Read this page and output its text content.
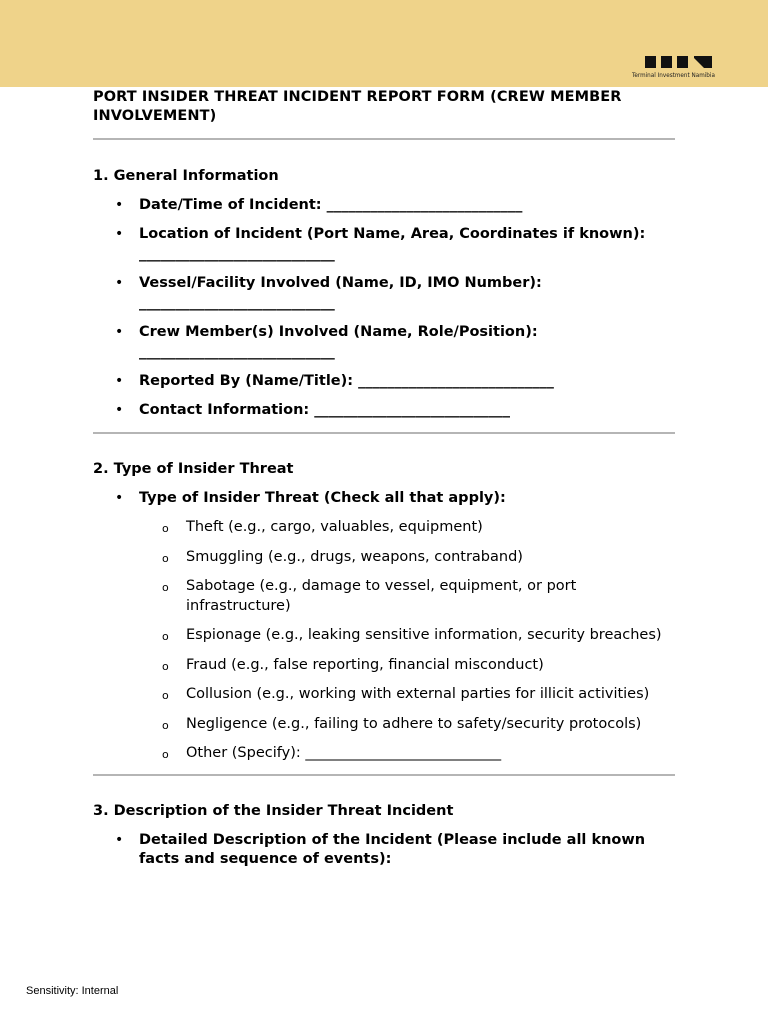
Terminal Investment Namibia
PORT INSIDER THREAT INCIDENT REPORT FORM (CREW MEMBER INVOLVEMENT)
1. General Information
• Date/Time of Incident: ___________________________
• Location of Incident (Port Name, Area, Coordinates if known): ___________________________
• Vessel/Facility Involved (Name, ID, IMO Number): ___________________________
• Crew Member(s) Involved (Name, Role/Position): ___________________________
• Reported By (Name/Title): ___________________________
• Contact Information: ___________________________
2. Type of Insider Threat
• Type of Insider Threat (Check all that apply):
o Theft (e.g., cargo, valuables, equipment)
o Smuggling (e.g., drugs, weapons, contraband)
o Sabotage (e.g., damage to vessel, equipment, or port infrastructure)
o Espionage (e.g., leaking sensitive information, security breaches)
o Fraud (e.g., false reporting, financial misconduct)
o Collusion (e.g., working with external parties for illicit activities)
o Negligence (e.g., failing to adhere to safety/security protocols)
o Other (Specify): ___________________________
3. Description of the Insider Threat Incident
• Detailed Description of the Incident (Please include all known facts and sequence of events):
Sensitivity: Internal
